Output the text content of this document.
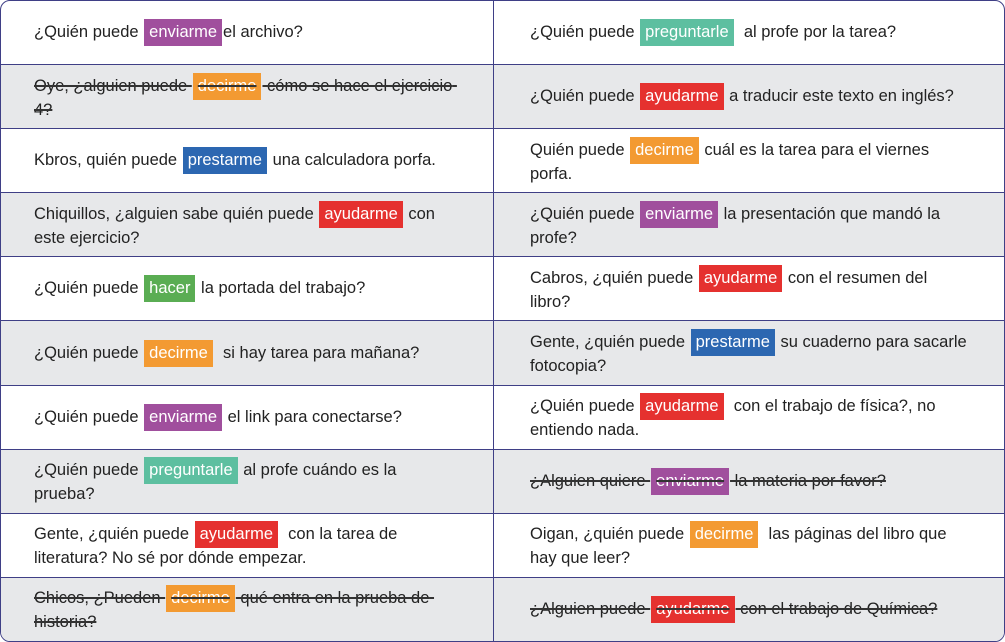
¿Quién puede enviarme el archivo?
Oye, ¿alguien puede decirme cómo se hace el ejercicio 4?
Kbros, quién puede prestarme una calculadora porfa.
Chiquillos, ¿alguien sabe quién puede ayudarme con este ejercicio?
¿Quién puede hacer la portada del trabajo?
¿Quién puede decirme  si hay tarea para mañana?
¿Quién puede enviarme el link para conectarse?
¿Quién puede preguntarle al profe cuándo es la prueba?
Gente, ¿quién puede ayudarme  con la tarea de literatura? No sé por dónde empezar.
Chicos, ¿Pueden decirme qué entra en la prueba de historia?
¿Quién puede preguntarle  al profe por la tarea?
¿Quién puede ayudarme a traducir este texto en inglés?
Quién puede decirme cuál es la tarea para el viernes porfa.
¿Quién puede enviarme la presentación que mandó la profe?
Cabros, ¿quién puede ayudarme con el resumen del libro?
Gente, ¿quién puede prestarme su cuaderno para sacarle fotocopia?
¿Quién puede ayudarme  con el trabajo de física?, no entiendo nada.
¿Alguien quiere enviarme la materia por favor?
Oigan, ¿quién puede decirme  las páginas del libro que hay que leer?
¿Alguien puede ayudarme con el trabajo de Química?
